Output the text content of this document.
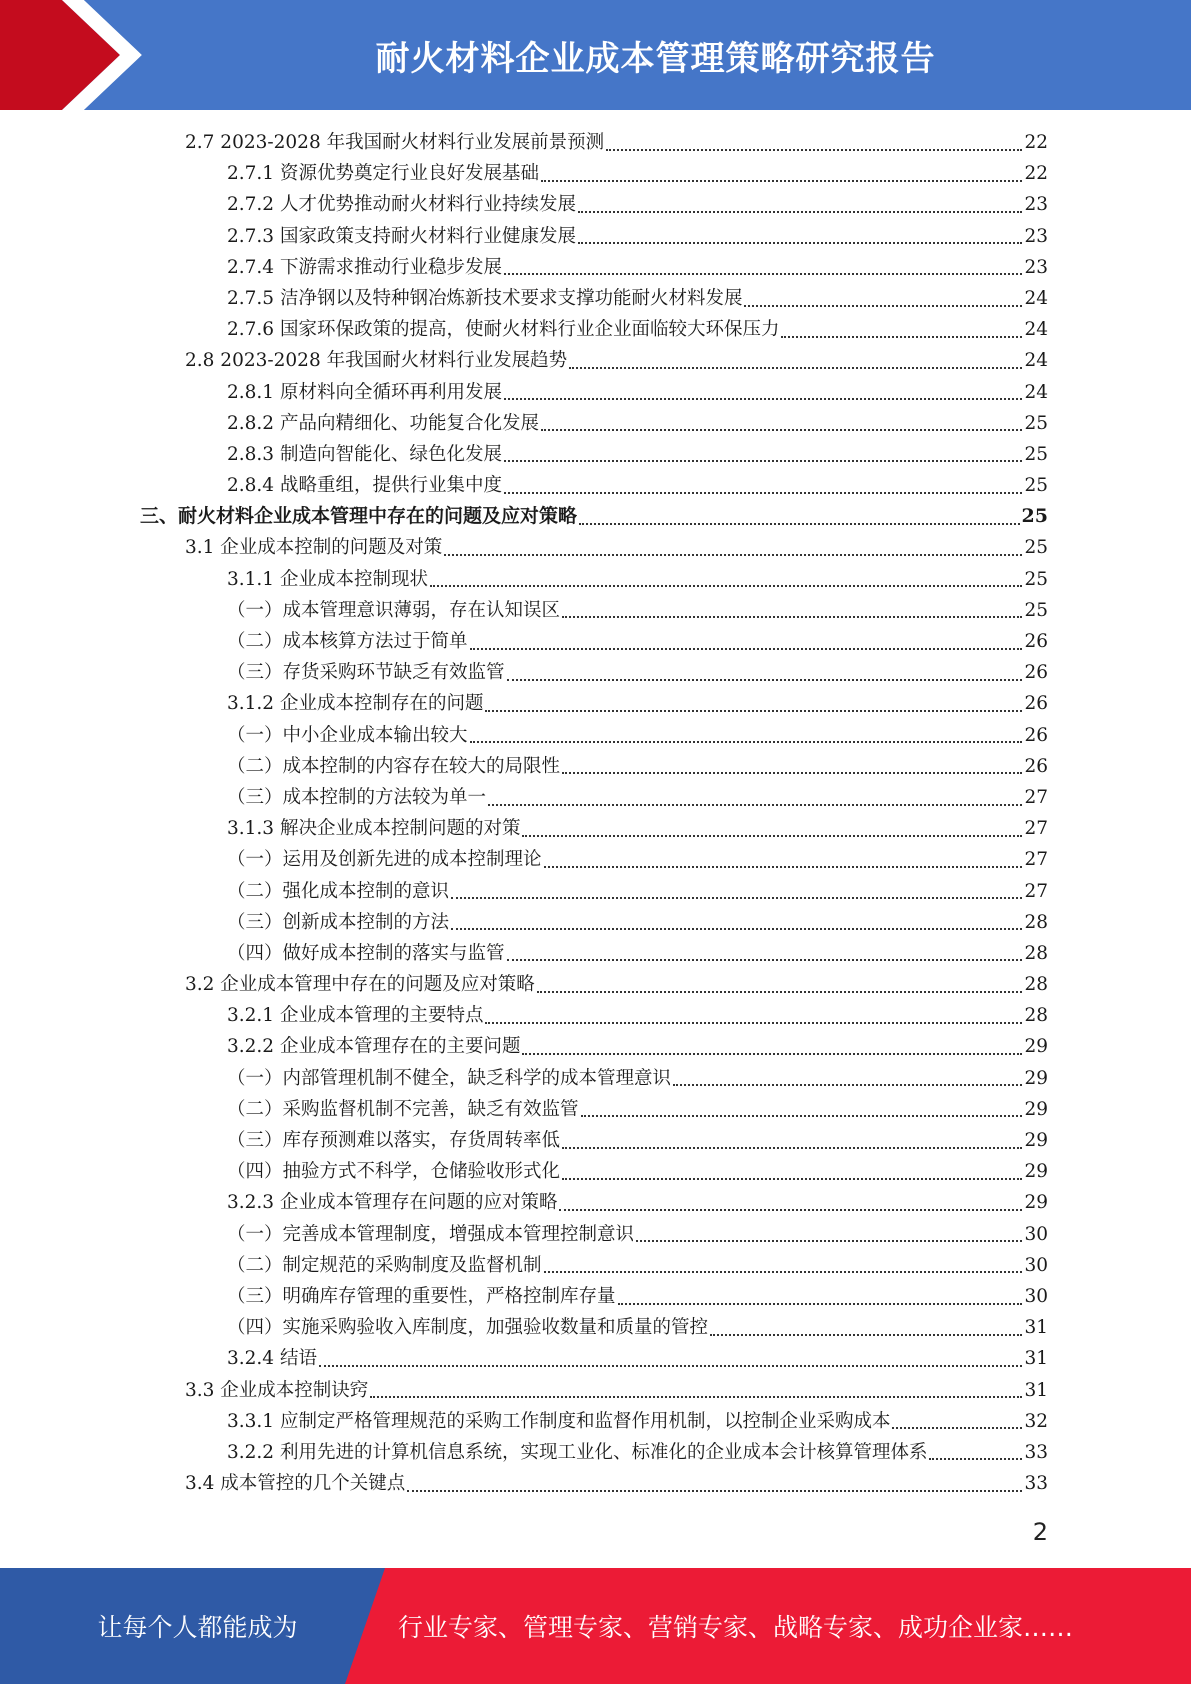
耐火材料企业成本管理策略研究报告
2.7 2023-2028 年我国耐火材料行业发展前景预测	22
2.7.1 资源优势奠定行业良好发展基础	22
2.7.2 人才优势推动耐火材料行业持续发展	23
2.7.3 国家政策支持耐火材料行业健康发展	23
2.7.4 下游需求推动行业稳步发展	23
2.7.5 洁净钢以及特种钢冶炼新技术要求支撑功能耐火材料发展	24
2.7.6 国家环保政策的提高，使耐火材料行业企业面临较大环保压力	24
2.8 2023-2028 年我国耐火材料行业发展趋势	24
2.8.1 原材料向全循环再利用发展	24
2.8.2 产品向精细化、功能复合化发展	25
2.8.3 制造向智能化、绿色化发展	25
2.8.4 战略重组，提供行业集中度	25
三、耐火材料企业成本管理中存在的问题及应对策略	25
3.1 企业成本控制的问题及对策	25
3.1.1 企业成本控制现状	25
（一）成本管理意识薄弱，存在认知误区	25
（二）成本核算方法过于简单	26
（三）存货采购环节缺乏有效监管	26
3.1.2 企业成本控制存在的问题	26
（一）中小企业成本输出较大	26
（二）成本控制的内容存在较大的局限性	26
（三）成本控制的方法较为单一	27
3.1.3 解决企业成本控制问题的对策	27
（一）运用及创新先进的成本控制理论	27
（二）强化成本控制的意识	27
（三）创新成本控制的方法	28
（四）做好成本控制的落实与监管	28
3.2 企业成本管理中存在的问题及应对策略	28
3.2.1 企业成本管理的主要特点	28
3.2.2 企业成本管理存在的主要问题	29
（一）内部管理机制不健全，缺乏科学的成本管理意识	29
（二）采购监督机制不完善，缺乏有效监管	29
（三）库存预测难以落实，存货周转率低	29
（四）抽验方式不科学，仓储验收形式化	29
3.2.3 企业成本管理存在问题的应对策略	29
（一）完善成本管理制度，增强成本管理控制意识	30
（二）制定规范的采购制度及监督机制	30
（三）明确库存管理的重要性，严格控制库存量	30
（四）实施采购验收入库制度，加强验收数量和质量的管控	31
3.2.4 结语	31
3.3 企业成本控制诀窍	31
3.3.1 应制定严格管理规范的采购工作制度和监督作用机制，以控制企业采购成本	32
3.2.2 利用先进的计算机信息系统，实现工业化、标准化的企业成本会计核算管理体系	33
3.4 成本管控的几个关键点	33
2
让每个人都能成为	行业专家、管理专家、营销专家、战略专家、成功企业家……
